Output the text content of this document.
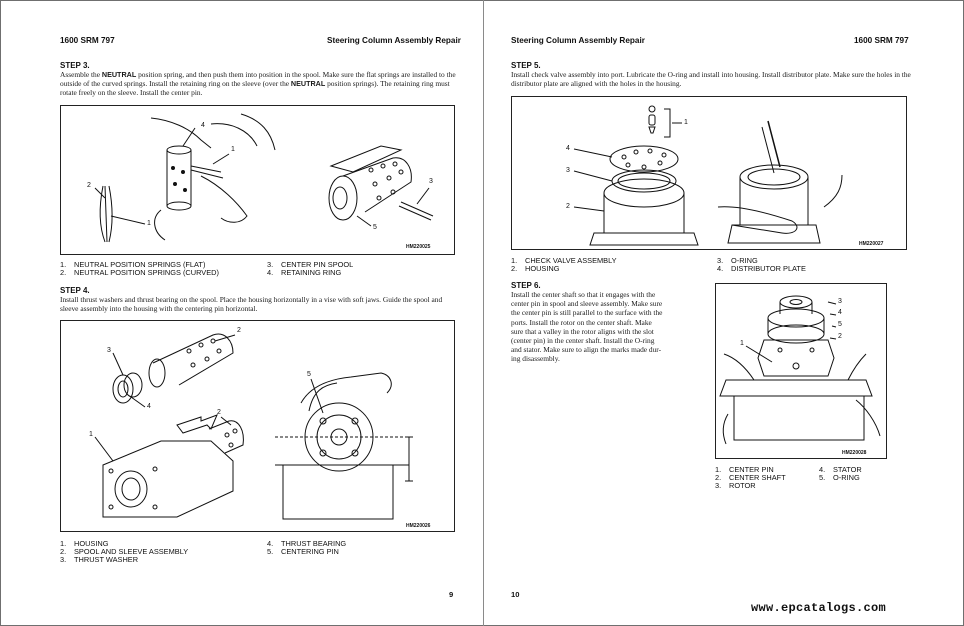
1600 SRM 797	Steering Column Assembly Repair
STEP 3.
Assemble the NEUTRAL position spring, and then push them into position in the spool. Make sure the flat springs are installed to the outside of the curved springs. Install the retaining ring on the sleeve (over the NEUTRAL position springs). The retaining ring must rotate freely on the sleeve. Install the center pin.
4
1
2
1
3
5
HM220025
1. NEUTRAL POSITION SPRINGS (FLAT)
2. NEUTRAL POSITION SPRINGS (CURVED)
3. CENTER PIN SPOOL
4. RETAINING RING
STEP 4.
Install thrust washers and thrust bearing on the spool. Place the housing horizontally in a vise with soft jaws. Guide the spool and sleeve assembly into the housing with the centering pin horizontal.
2
3
4
2
1
5
HM220026
1. HOUSING
2. SPOOL AND SLEEVE ASSEMBLY
3. THRUST WASHER
4. THRUST BEARING
5. CENTERING PIN
9
Steering Column Assembly Repair	1600 SRM 797
STEP 5.
Install check valve assembly into port. Lubricate the O-ring and install into housing. Install distributor plate. Make sure the holes in the distributor plate are aligned with the holes in the housing.
1
4
3
2
HM220027
1. CHECK VALVE ASSEMBLY
2. HOUSING
3. O-RING
4. DISTRIBUTOR PLATE
STEP 6.
Install the center shaft so that it engages with the
center pin in spool and sleeve assembly. Make sure
the center pin is still parallel to the surface with the
ports. Install the rotor on the center shaft. Make
sure that a valley in the rotor aligns with the slot
(center pin) in the center shaft. Install the O-ring
and stator. Make sure to align the marks made dur-
ing disassembly.
3
4
5
2
1
HM220028
1. CENTER PIN
2. CENTER SHAFT
3. ROTOR
4. STATOR
5. O-RING
10
www.epcatalogs.com
